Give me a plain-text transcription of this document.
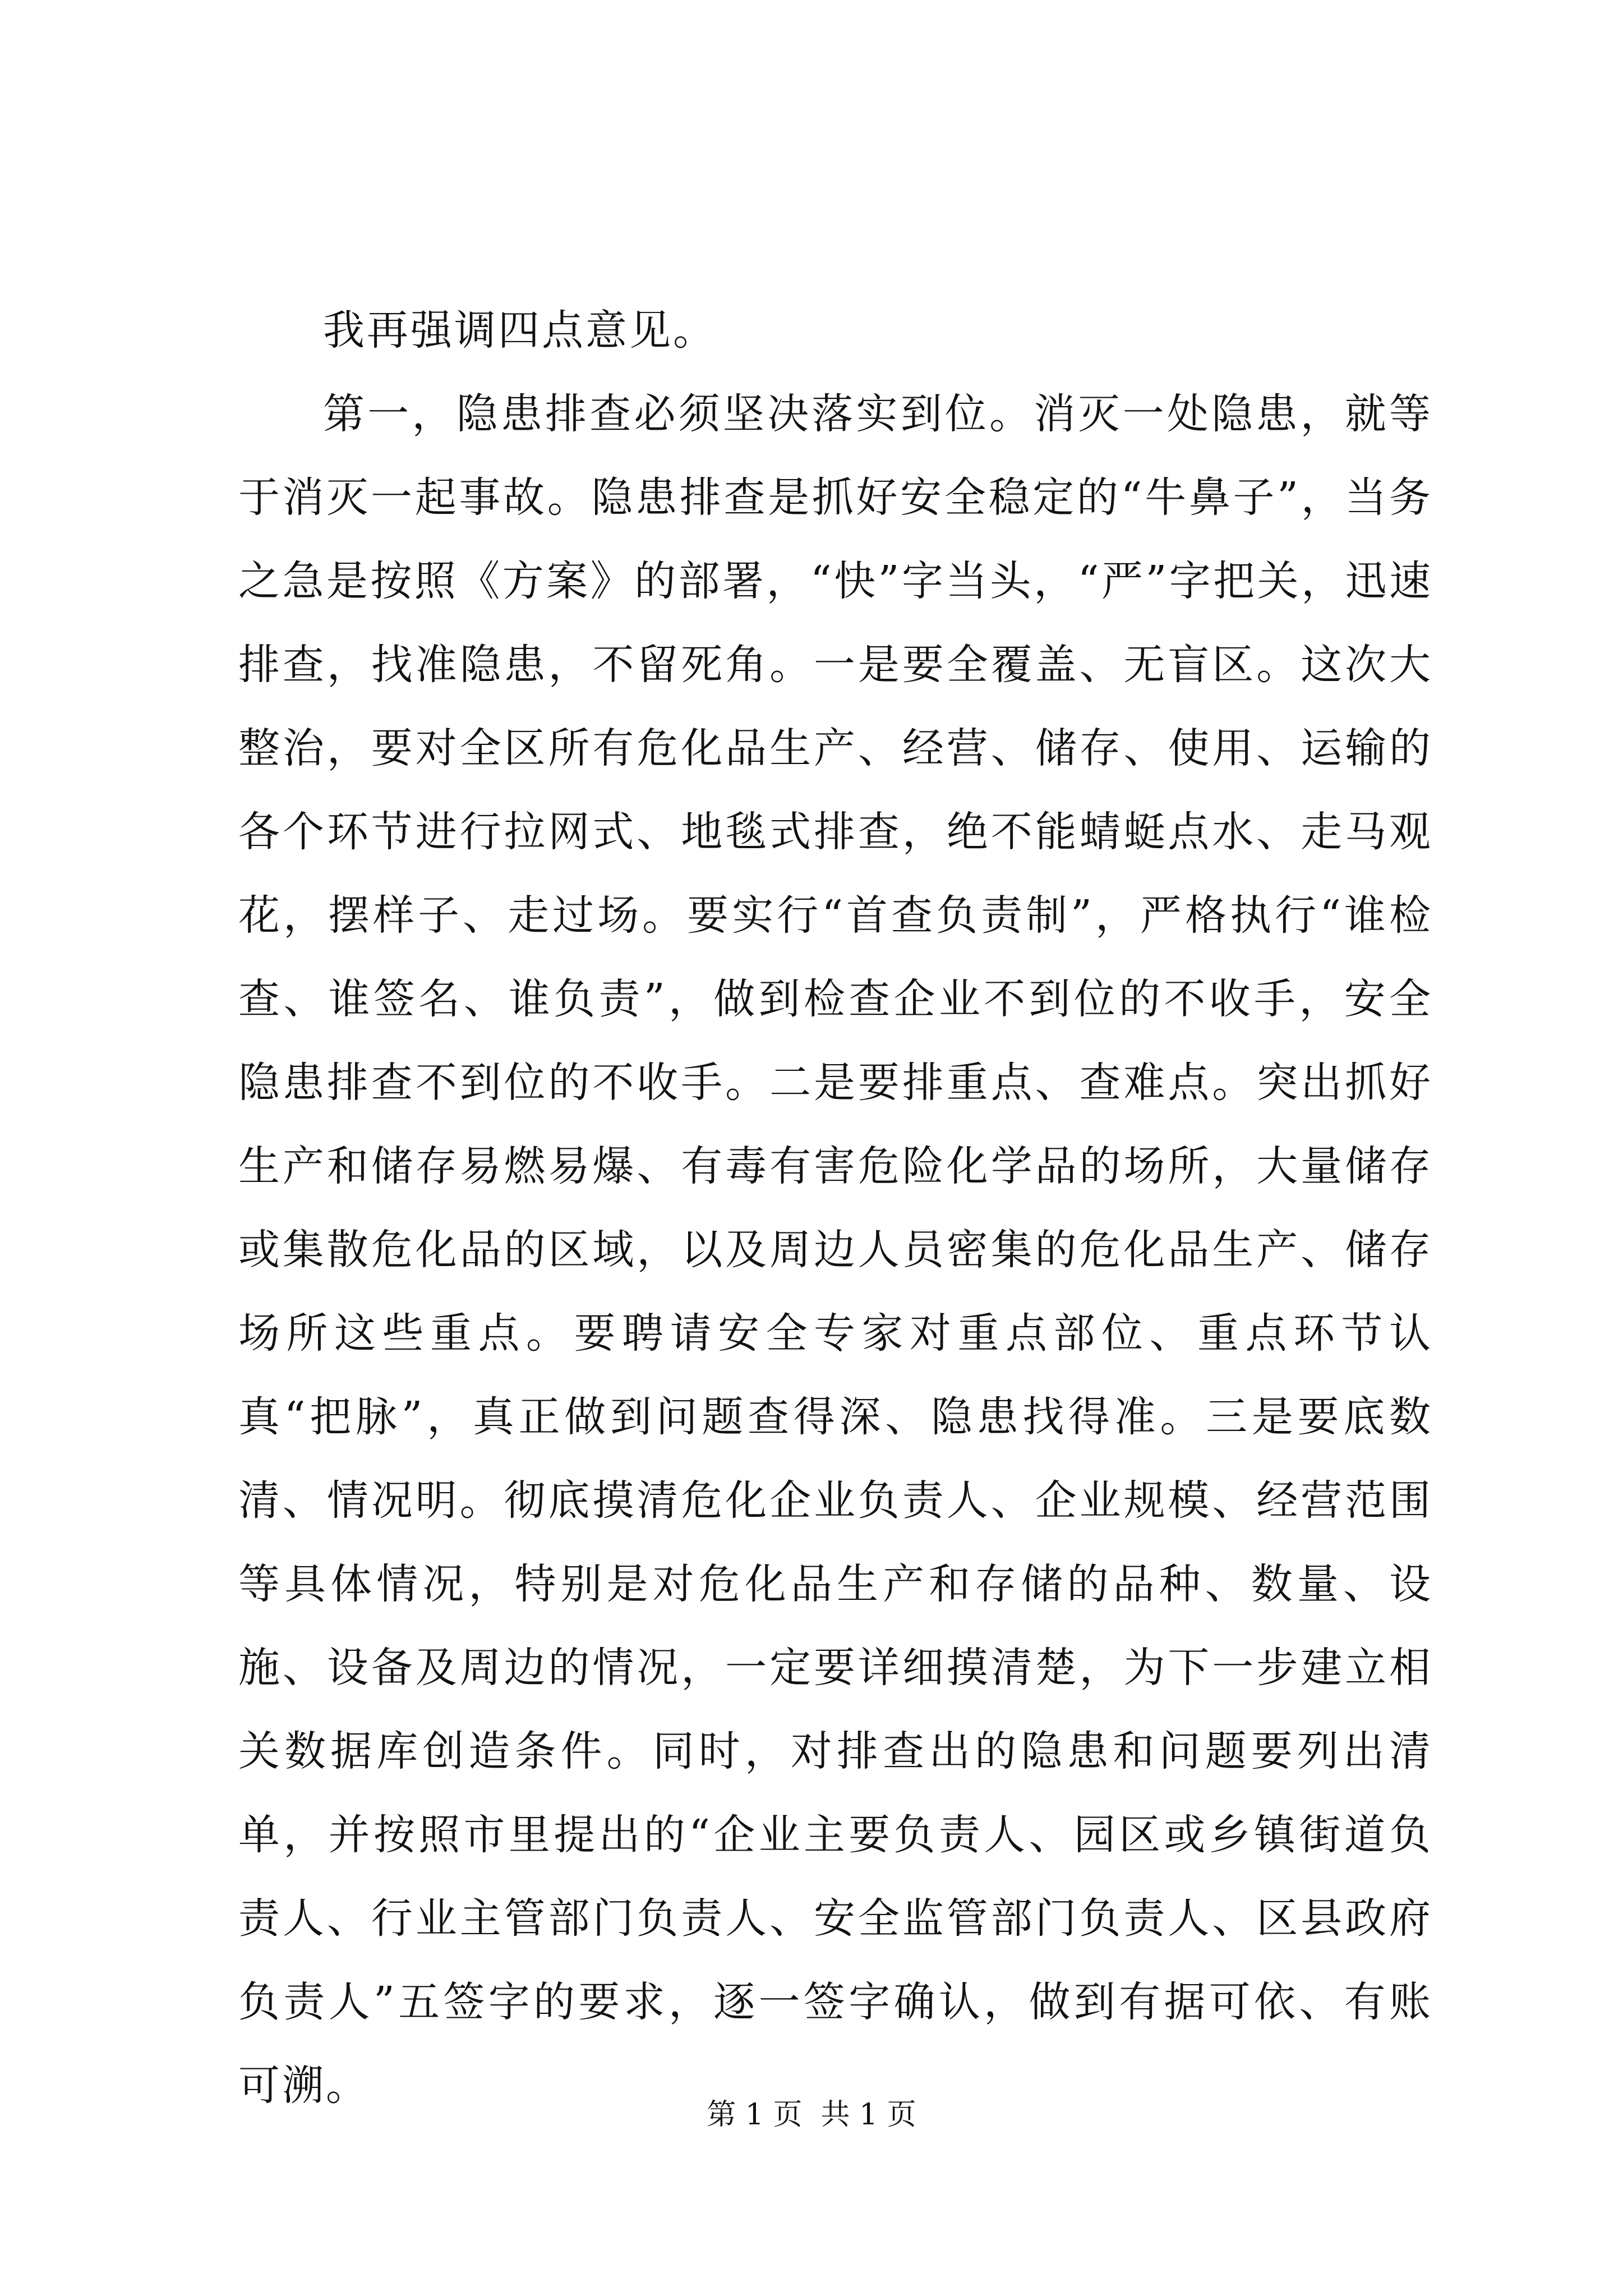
我再强调四点意见。

第一，隐患排查必须坚决落实到位。消灭一处隐患，就等于消灭一起事故。隐患排查是抓好安全稳定的“牛鼻子”，当务之急是按照《方案》的部署，“快”字当头，“严”字把关，迅速排查，找准隐患，不留死角。一是要全覆盖、无盲区。这次大整治，要对全区所有危化品生产、经营、储存、使用、运输的各个环节进行拉网式、地毯式排查，绝不能蜻蜓点水、走马观花，摆样子、走过场。要实行“首查负责制”，严格执行“谁检查、谁签名、谁负责”，做到检查企业不到位的不收手，安全隐患排查不到位的不收手。二是要排重点、查难点。突出抓好生产和储存易燃易爆、有毒有害危险化学品的场所，大量储存或集散危化品的区域，以及周边人员密集的危化品生产、储存场所这些重点。要聘请安全专家对重点部位、重点环节认真“把脉”，真正做到问题查得深、隐患找得准。三是要底数清、情况明。彻底摸清危化企业负责人、企业规模、经营范围等具体情况，特别是对危化品生产和存储的品种、数量、设施、设备及周边的情况，一定要详细摸清楚，为下一步建立相关数据库创造条件。同时，对排查出的隐患和问题要列出清单，并按照市里提出的“企业主要负责人、园区或乡镇街道负责人、行业主管部门负责人、安全监管部门负责人、区县政府负责人”五签字的要求，逐一签字确认，做到有据可依、有账可溯。

第 1 页  共 1 页
